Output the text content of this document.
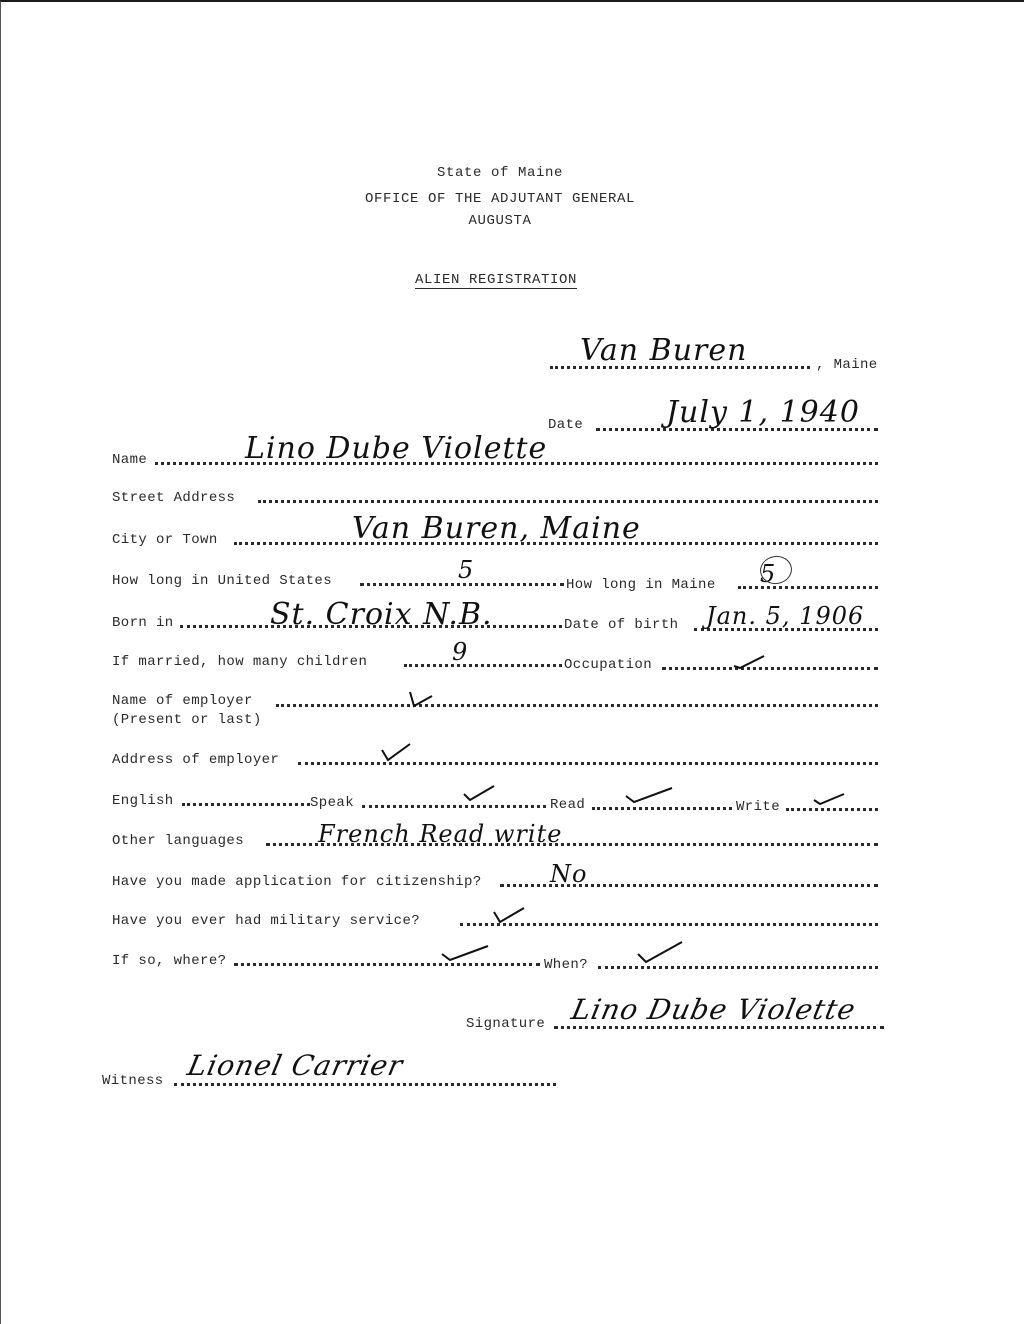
State of Maine
OFFICE OF THE ADJUTANT GENERAL
AUGUSTA
ALIEN REGISTRATION
Van Buren	, Maine
Date	July 1, 1940
Name	Lino Dube Violette
Street Address
City or Town	Van Buren, Maine
How long in United States	5
How long in Maine 5
Born in	St. Croix N.B.	Date of birth Jan. 5, 1906
If married, how many children	9	Occupation
Name of employer
(Present or last)
Address of employer
English	Speak	Read	Write
Other languages	French Read write
Have you made application for citizenship?	No
Have you ever had military service?
If so, where?	When?
Signature Lino Dube Violette
Witness Lionel Carrier
